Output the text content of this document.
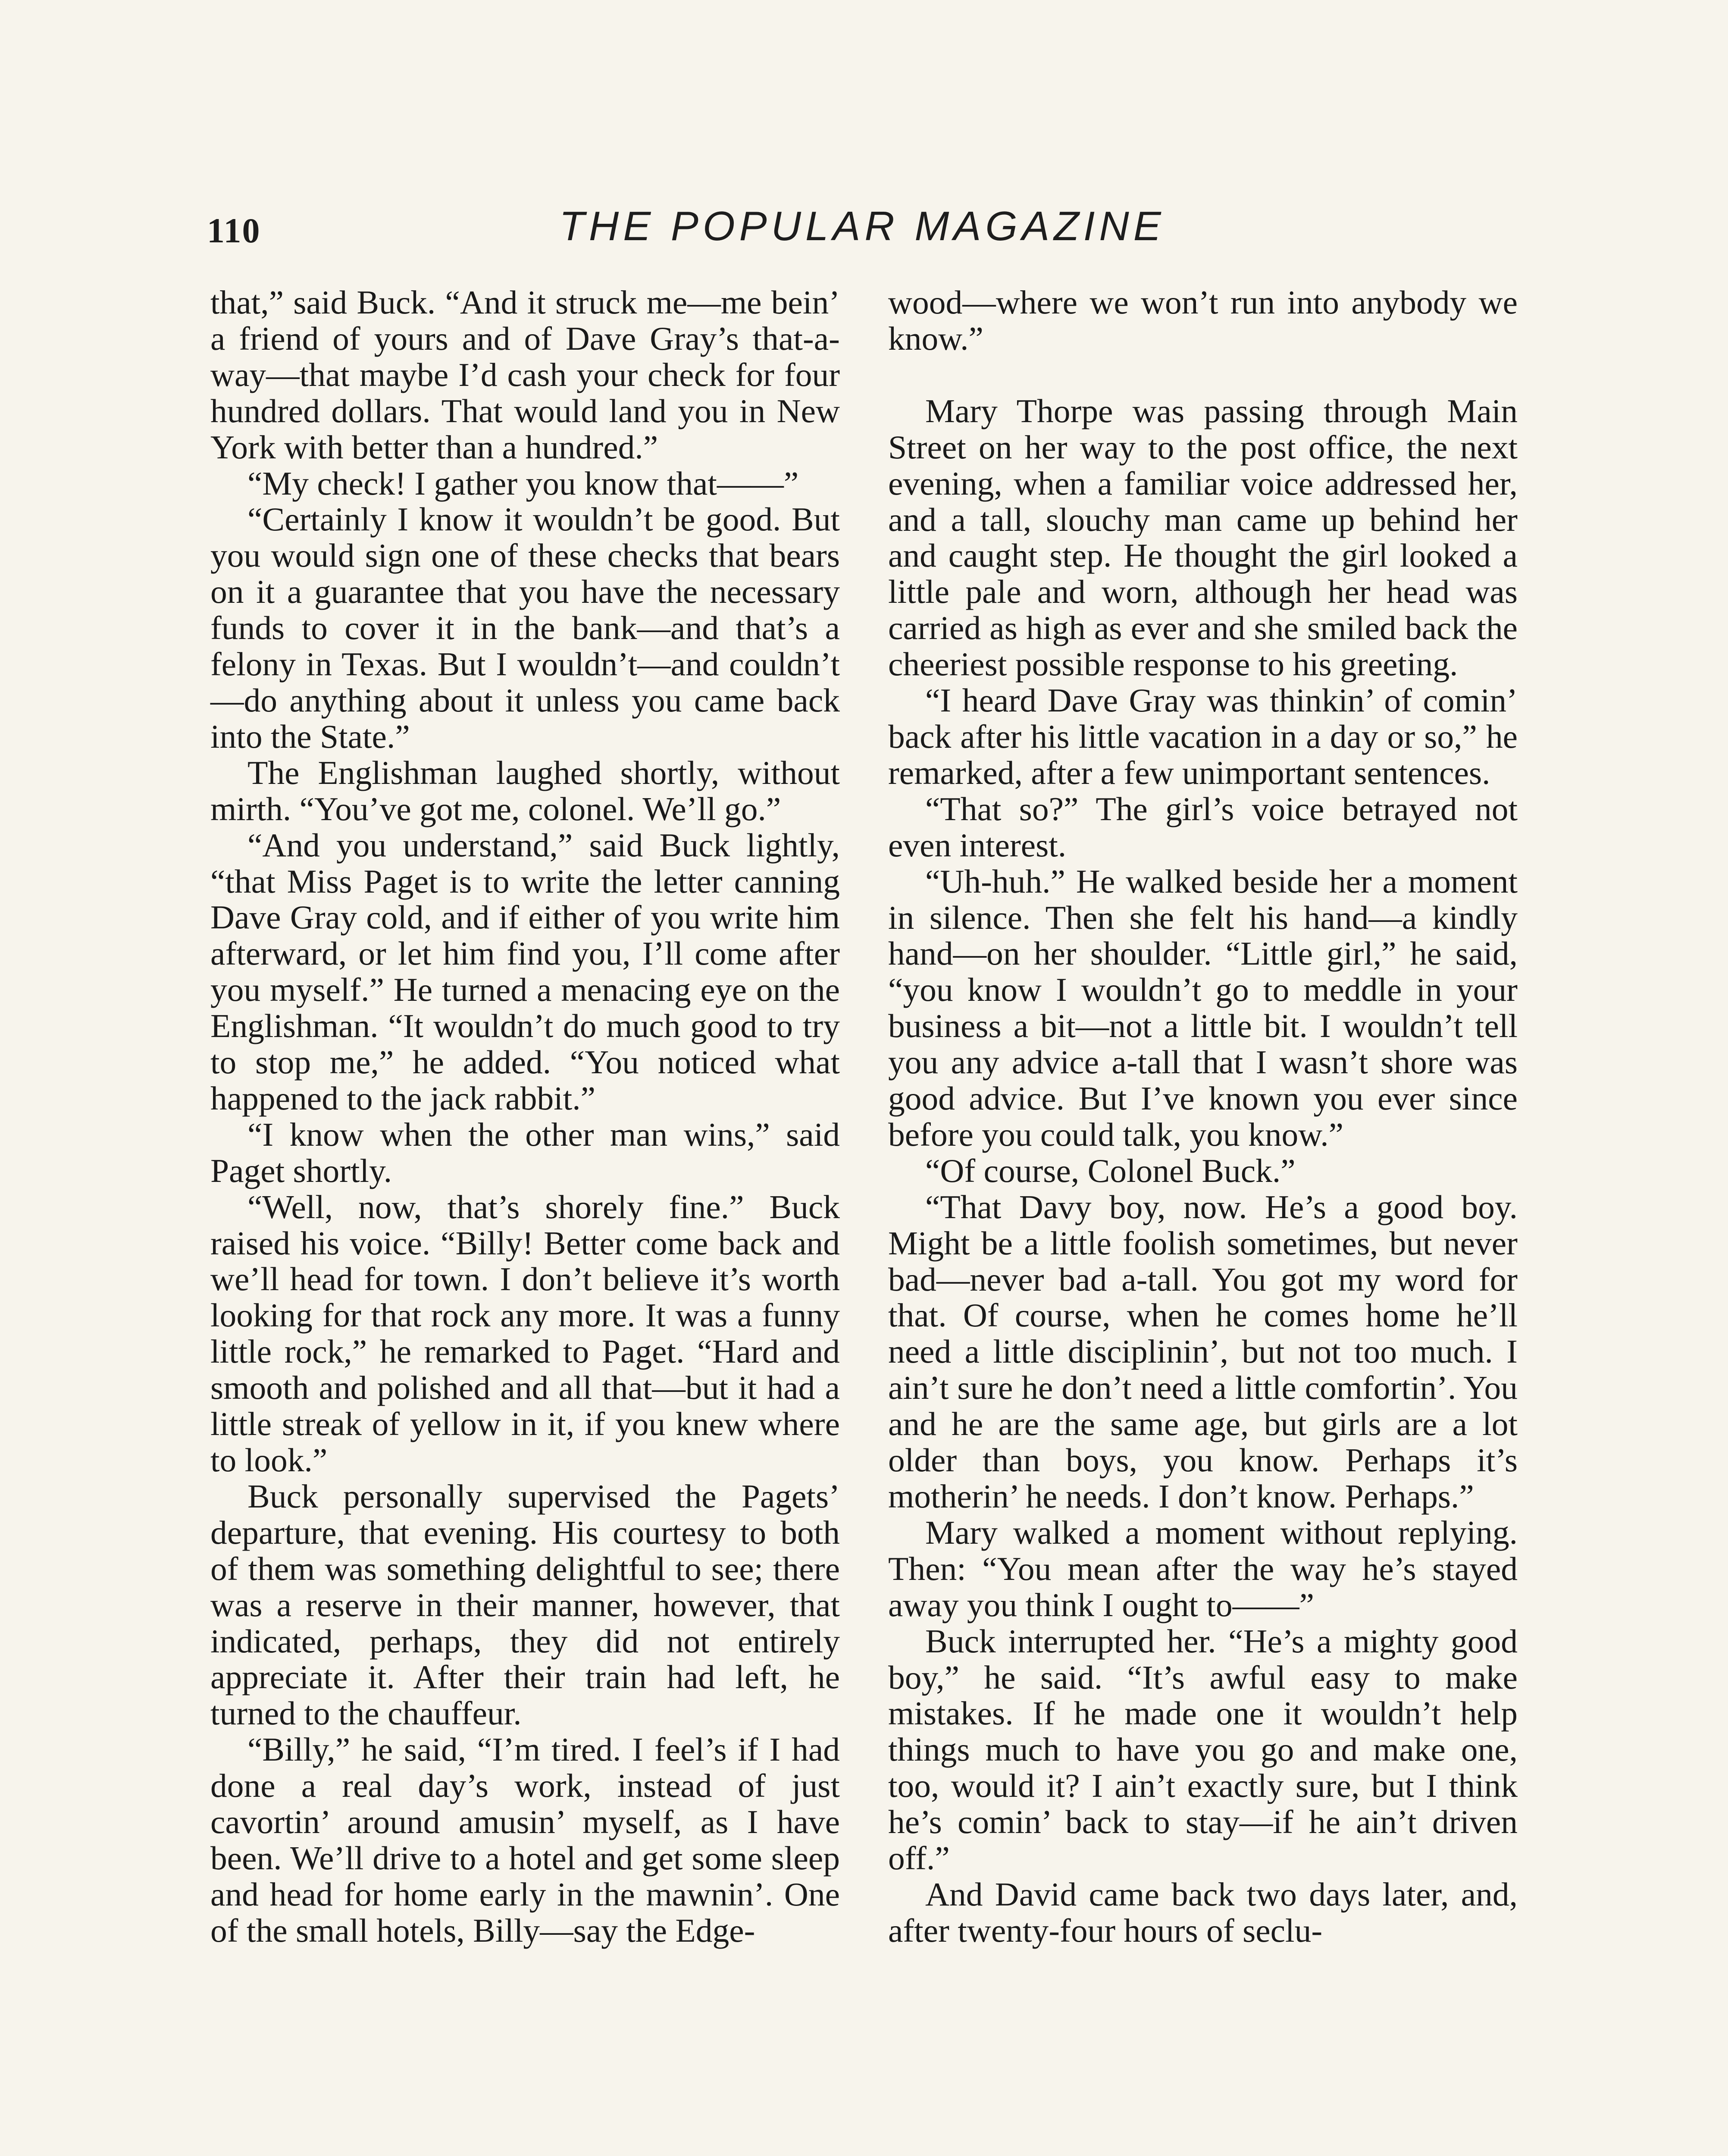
110	THE POPULAR MAGAZINE

that,” said Buck. “And it struck me—me bein’ a friend of yours and of Dave Gray’s that-a-way—that maybe I’d cash your check for four hundred dollars. That would land you in New York with better than a hundred.”

“My check! I gather you know that——”

“Certainly I know it wouldn’t be good. But you would sign one of these checks that bears on it a guarantee that you have the necessary funds to cover it in the bank—and that’s a felony in Texas. But I wouldn’t—and couldn’t—do anything about it unless you came back into the State.”

The Englishman laughed shortly, without mirth. “You’ve got me, colonel. We’ll go.”

“And you understand,” said Buck lightly, “that Miss Paget is to write the letter canning Dave Gray cold, and if either of you write him afterward, or let him find you, I’ll come after you myself.” He turned a menacing eye on the Englishman. “It wouldn’t do much good to try to stop me,” he added. “You noticed what happened to the jack rabbit.”

“I know when the other man wins,” said Paget shortly.

“Well, now, that’s shorely fine.” Buck raised his voice. “Billy! Better come back and we’ll head for town. I don’t believe it’s worth looking for that rock any more. It was a funny little rock,” he remarked to Paget. “Hard and smooth and polished and all that—but it had a little streak of yellow in it, if you knew where to look.”

Buck personally supervised the Pagets’ departure, that evening. His courtesy to both of them was something delightful to see; there was a reserve in their manner, however, that indicated, perhaps, they did not entirely appreciate it. After their train had left, he turned to the chauffeur.

“Billy,” he said, “I’m tired. I feel’s if I had done a real day’s work, instead of just cavortin’ around amusin’ myself, as I have been. We’ll drive to a hotel and get some sleep and head for home early in the mawnin’. One of the small hotels, Billy—say the Edge-

wood—where we won’t run into anybody we know.”

Mary Thorpe was passing through Main Street on her way to the post office, the next evening, when a familiar voice addressed her, and a tall, slouchy man came up behind her and caught step. He thought the girl looked a little pale and worn, although her head was carried as high as ever and she smiled back the cheeriest possible response to his greeting.

“I heard Dave Gray was thinkin’ of comin’ back after his little vacation in a day or so,” he remarked, after a few unimportant sentences.

“That so?” The girl’s voice betrayed not even interest.

“Uh-huh.” He walked beside her a moment in silence. Then she felt his hand—a kindly hand—on her shoulder. “Little girl,” he said, “you know I wouldn’t go to meddle in your business a bit—not a little bit. I wouldn’t tell you any advice a-tall that I wasn’t shore was good advice. But I’ve known you ever since before you could talk, you know.”

“Of course, Colonel Buck.”

“That Davy boy, now. He’s a good boy. Might be a little foolish sometimes, but never bad—never bad a-tall. You got my word for that. Of course, when he comes home he’ll need a little disciplinin’, but not too much. I ain’t sure he don’t need a little comfortin’. You and he are the same age, but girls are a lot older than boys, you know. Perhaps it’s motherin’ he needs. I don’t know. Perhaps.”

Mary walked a moment without replying. Then: “You mean after the way he’s stayed away you think I ought to——”

Buck interrupted her. “He’s a mighty good boy,” he said. “It’s awful easy to make mistakes. If he made one it wouldn’t help things much to have you go and make one, too, would it? I ain’t exactly sure, but I think he’s comin’ back to stay—if he ain’t driven off.”

And David came back two days later, and, after twenty-four hours of seclu-
